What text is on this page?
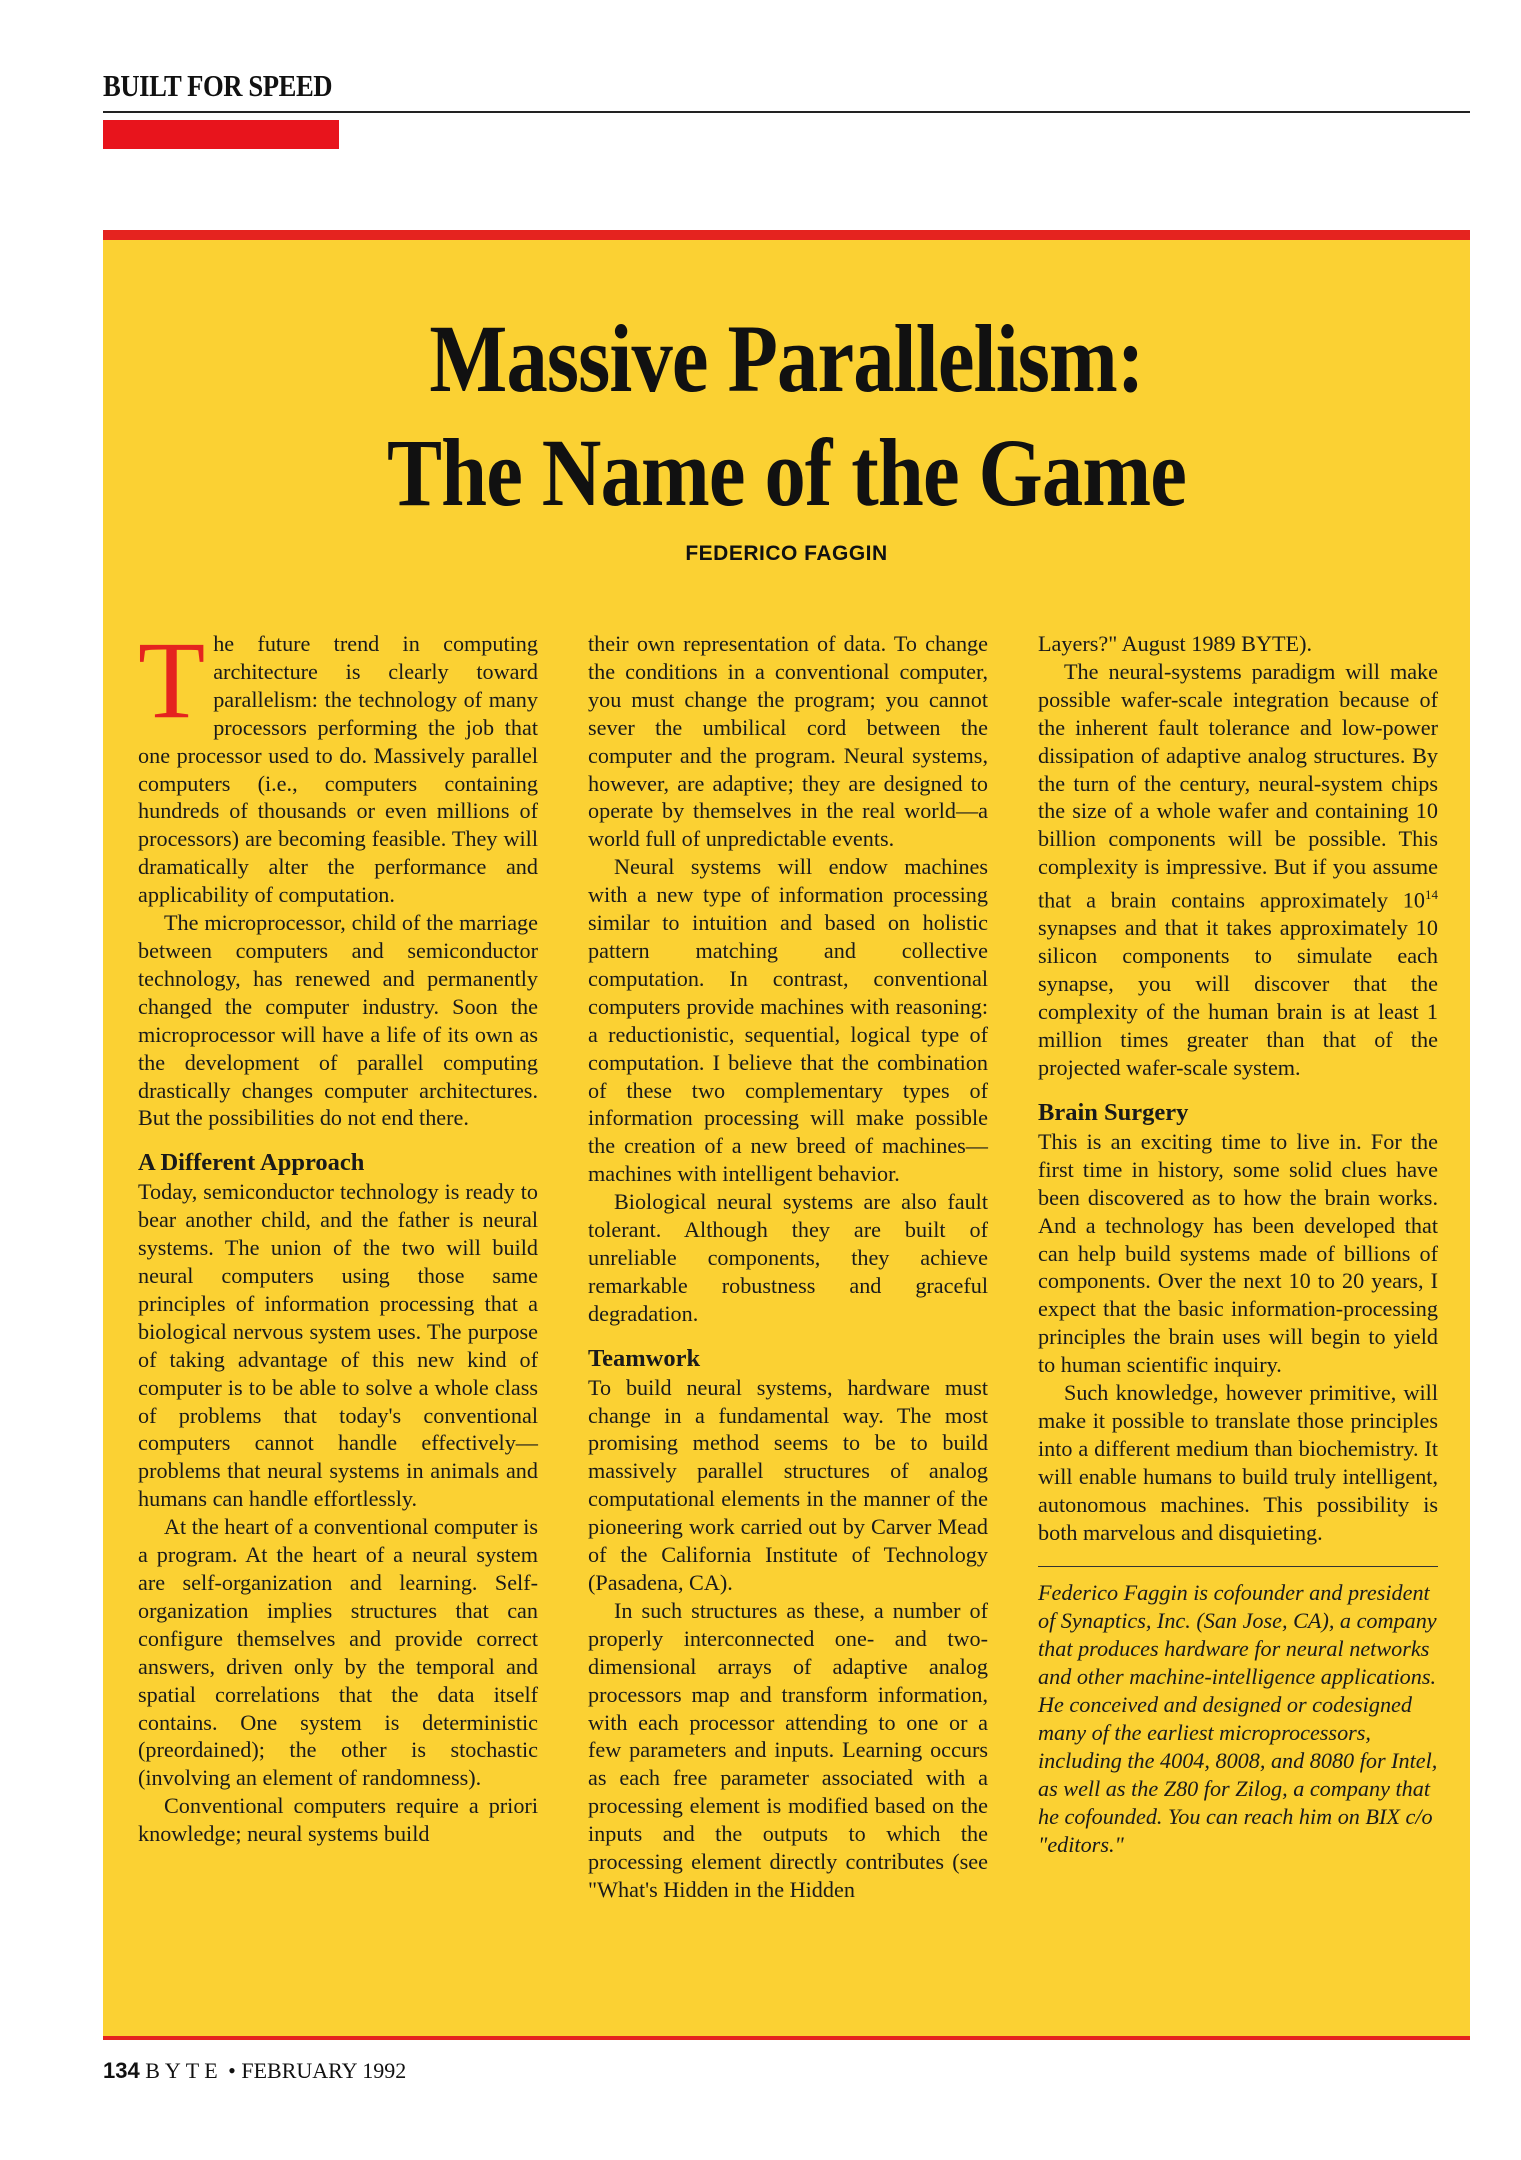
BUILT FOR SPEED
Massive Parallelism:
The Name of the Game
FEDERICO FAGGIN

The future trend in computing architecture is clearly toward parallelism: the technology of many processors performing the job that one processor used to do. Massively parallel computers (i.e., computers containing hundreds of thousands or even millions of processors) are becoming feasible. They will dramatically alter the performance and applicability of computation.

The microprocessor, child of the marriage between computers and semiconductor technology, has renewed and permanently changed the computer industry. Soon the microprocessor will have a life of its own as the development of parallel computing drastically changes computer architectures. But the possibilities do not end there.

A Different Approach

Today, semiconductor technology is ready to bear another child, and the father is neural systems. The union of the two will build neural computers using those same principles of information processing that a biological nervous system uses. The purpose of taking advantage of this new kind of computer is to be able to solve a whole class of problems that today's conventional computers cannot handle effectively—problems that neural systems in animals and humans can handle effortlessly.

At the heart of a conventional computer is a program. At the heart of a neural system are self-organization and learning. Self-organization implies structures that can configure themselves and provide correct answers, driven only by the temporal and spatial correlations that the data itself contains. One system is deterministic (preordained); the other is stochastic (involving an element of randomness).

Conventional computers require a priori knowledge; neural systems build

their own representation of data. To change the conditions in a conventional computer, you must change the program; you cannot sever the umbilical cord between the computer and the program. Neural systems, however, are adaptive; they are designed to operate by themselves in the real world—a world full of unpredictable events.

Neural systems will endow machines with a new type of information processing similar to intuition and based on holistic pattern matching and collective computation. In contrast, conventional computers provide machines with reasoning: a reductionistic, sequential, logical type of computation. I believe that the combination of these two complementary types of information processing will make possible the creation of a new breed of machines—machines with intelligent behavior.

Biological neural systems are also fault tolerant. Although they are built of unreliable components, they achieve remarkable robustness and graceful degradation.

Teamwork

To build neural systems, hardware must change in a fundamental way. The most promising method seems to be to build massively parallel structures of analog computational elements in the manner of the pioneering work carried out by Carver Mead of the California Institute of Technology (Pasadena, CA).

In such structures as these, a number of properly interconnected one- and two-dimensional arrays of adaptive analog processors map and transform information, with each processor attending to one or a few parameters and inputs. Learning occurs as each free parameter associated with a processing element is modified based on the inputs and the outputs to which the processing element directly contributes (see "What's Hidden in the Hidden

Layers?" August 1989 BYTE).

The neural-systems paradigm will make possible wafer-scale integration because of the inherent fault tolerance and low-power dissipation of adaptive analog structures. By the turn of the century, neural-system chips the size of a whole wafer and containing 10 billion components will be possible. This complexity is impressive. But if you assume that a brain contains approximately $10^{14}$ synapses and that it takes approximately 10 silicon components to simulate each synapse, you will discover that the complexity of the human brain is at least 1 million times greater than that of the projected wafer-scale system.

Brain Surgery

This is an exciting time to live in. For the first time in history, some solid clues have been discovered as to how the brain works. And a technology has been developed that can help build systems made of billions of components. Over the next 10 to 20 years, I expect that the basic information-processing principles the brain uses will begin to yield to human scientific inquiry.

Such knowledge, however primitive, will make it possible to translate those principles into a different medium than biochemistry. It will enable humans to build truly intelligent, autonomous machines. This possibility is both marvelous and disquieting.

Federico Faggin is cofounder and president of Synaptics, Inc. (San Jose, CA), a company that produces hardware for neural networks and other machine-intelligence applications. He conceived and designed or codesigned many of the earliest microprocessors, including the 4004, 8008, and 8080 for Intel, as well as the Z80 for Zilog, a company that he cofounded. You can reach him on BIX c/o "editors."

134 BYTE • FEBRUARY 1992
